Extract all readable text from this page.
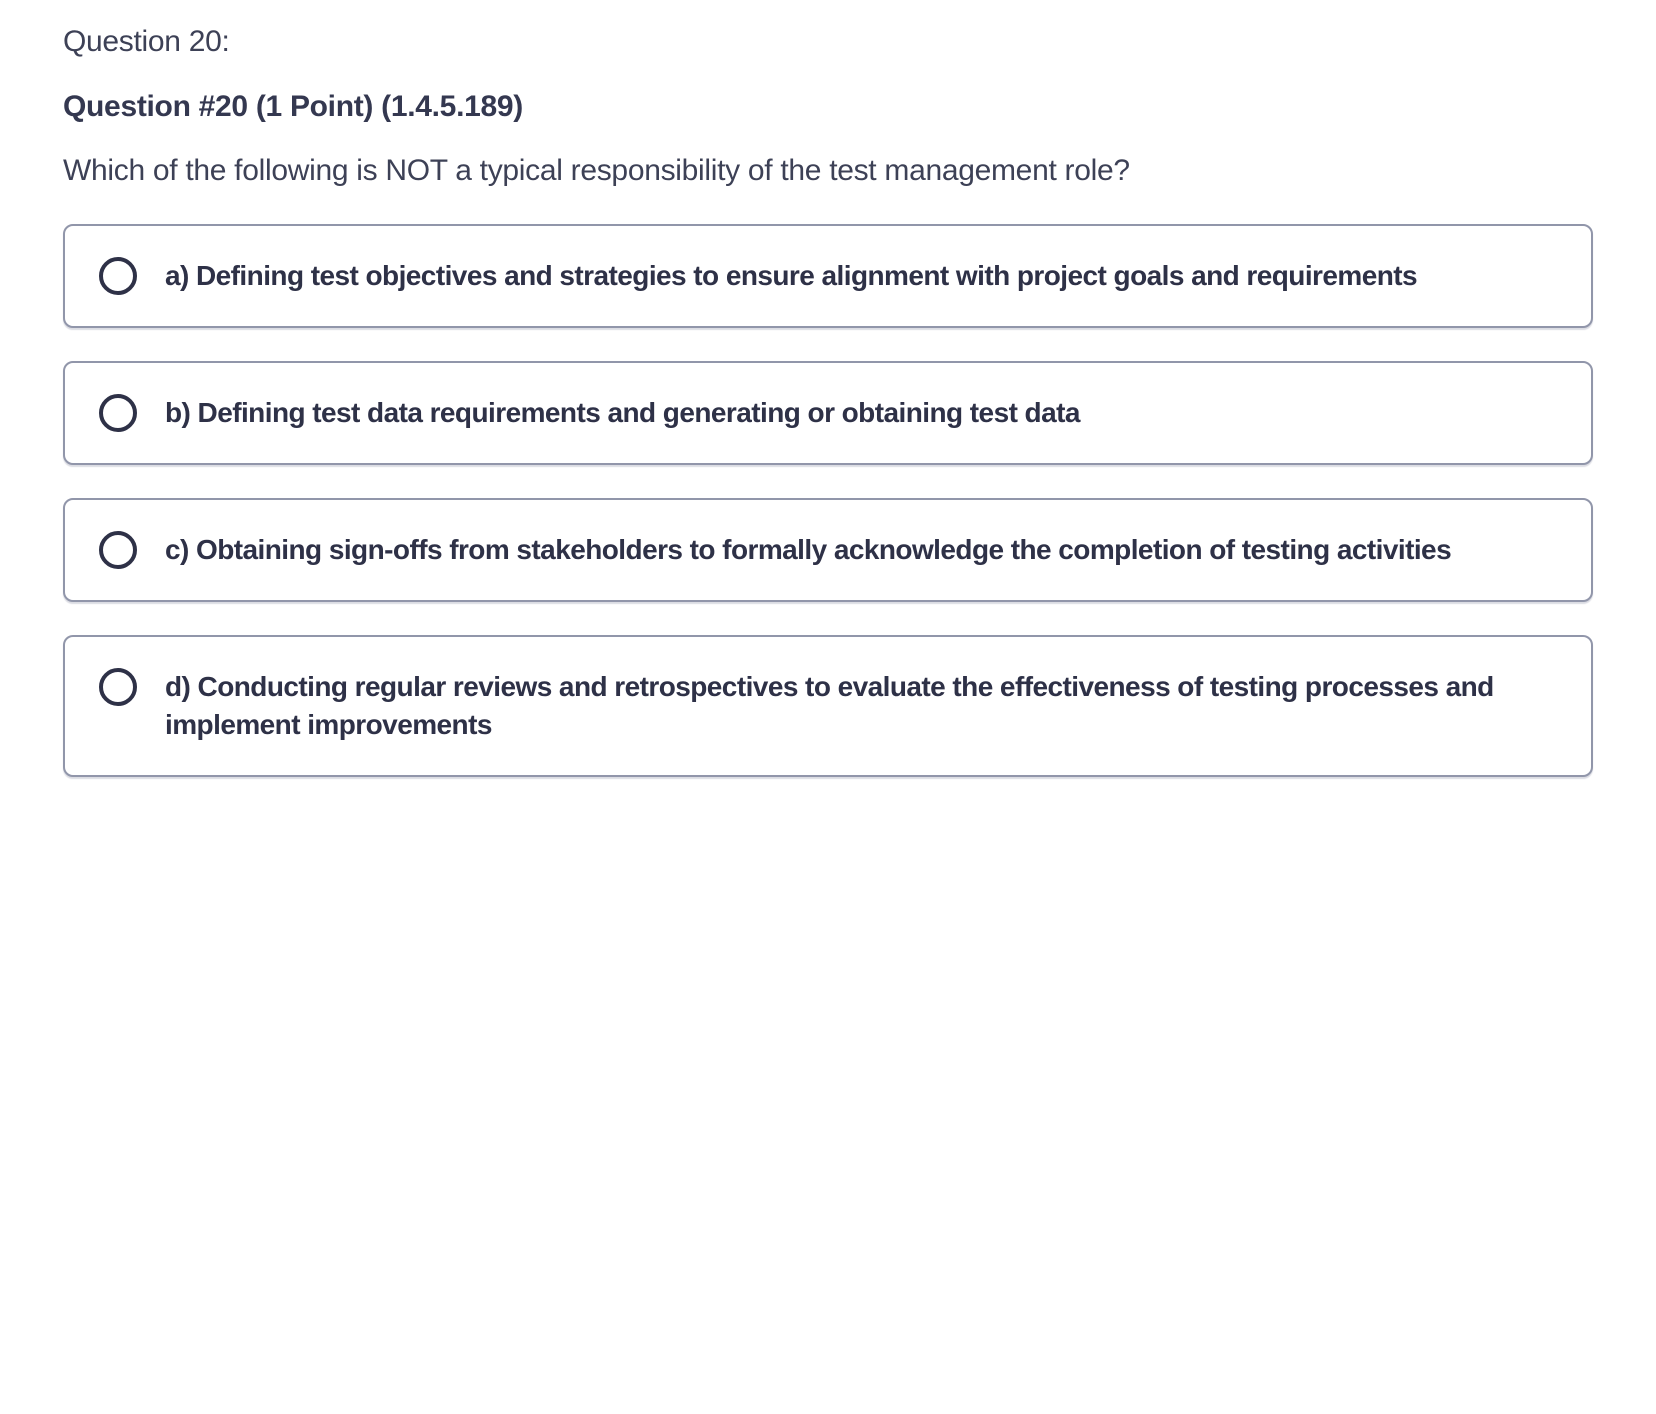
Question 20:
Question #20 (1 Point) (1.4.5.189)
Which of the following is NOT a typical responsibility of the test management role?
a) Defining test objectives and strategies to ensure alignment with project goals and requirements
b) Defining test data requirements and generating or obtaining test data
c) Obtaining sign-offs from stakeholders to formally acknowledge the completion of testing activities
d) Conducting regular reviews and retrospectives to evaluate the effectiveness of testing processes and implement improvements
